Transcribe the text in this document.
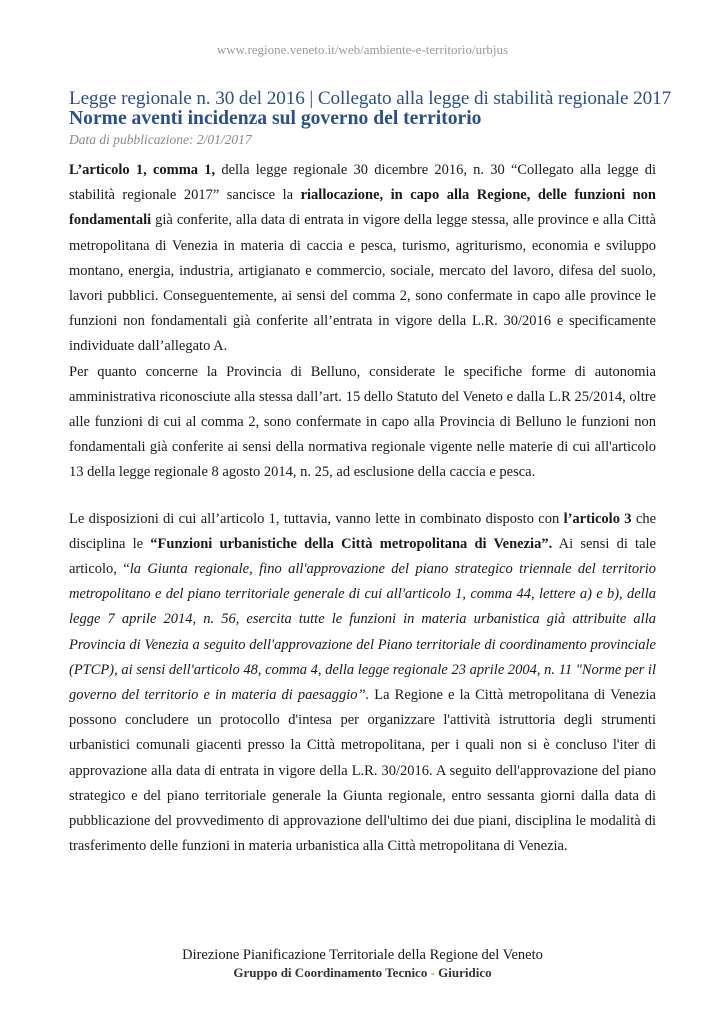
www.regione.veneto.it/web/ambiente-e-territorio/urbjus
Legge regionale n. 30 del 2016 | Collegato alla legge di stabilità regionale 2017
Norme aventi incidenza sul governo del territorio
Data di pubblicazione: 2/01/2017

L’articolo 1, comma 1, della legge regionale 30 dicembre 2016, n. 30 “Collegato alla legge di stabilità regionale 2017” sancisce la riallocazione, in capo alla Regione, delle funzioni non fondamentali già conferite, alla data di entrata in vigore della legge stessa, alle province e alla Città metropolitana di Venezia in materia di caccia e pesca, turismo, agriturismo, economia e sviluppo montano, energia, industria, artigianato e commercio, sociale, mercato del lavoro, difesa del suolo, lavori pubblici. Conseguentemente, ai sensi del comma 2, sono confermate in capo alle province le funzioni non fondamentali già conferite all’entrata in vigore della L.R. 30/2016 e specificamente individuate dall’allegato A.

Per quanto concerne la Provincia di Belluno, considerate le specifiche forme di autonomia amministrativa riconosciute alla stessa dall’art. 15 dello Statuto del Veneto e dalla L.R 25/2014, oltre alle funzioni di cui al comma 2, sono confermate in capo alla Provincia di Belluno le funzioni non fondamentali già conferite ai sensi della normativa regionale vigente nelle materie di cui all'articolo 13 della legge regionale 8 agosto 2014, n. 25, ad esclusione della caccia e pesca.

Le disposizioni di cui all’articolo 1, tuttavia, vanno lette in combinato disposto con l’articolo 3 che disciplina le “Funzioni urbanistiche della Città metropolitana di Venezia”. Ai sensi di tale articolo, “la Giunta regionale, fino all'approvazione del piano strategico triennale del territorio metropolitano e del piano territoriale generale di cui all'articolo 1, comma 44, lettere a) e b), della legge 7 aprile 2014, n. 56, esercita tutte le funzioni in materia urbanistica già attribuite alla Provincia di Venezia a seguito dell'approvazione del Piano territoriale di coordinamento provinciale (PTCP), ai sensi dell'articolo 48, comma 4, della legge regionale 23 aprile 2004, n. 11 "Norme per il governo del territorio e in materia di paesaggio”. La Regione e la Città metropolitana di Venezia possono concludere un protocollo d'intesa per organizzare l'attività istruttoria degli strumenti urbanistici comunali giacenti presso la Città metropolitana, per i quali non si è concluso l'iter di approvazione alla data di entrata in vigore della L.R. 30/2016. A seguito dell'approvazione del piano strategico e del piano territoriale generale la Giunta regionale, entro sessanta giorni dalla data di pubblicazione del provvedimento di approvazione dell'ultimo dei due piani, disciplina le modalità di trasferimento delle funzioni in materia urbanistica alla Città metropolitana di Venezia.

Direzione Pianificazione Territoriale della Regione del Veneto
Gruppo di Coordinamento Tecnico - Giuridico
